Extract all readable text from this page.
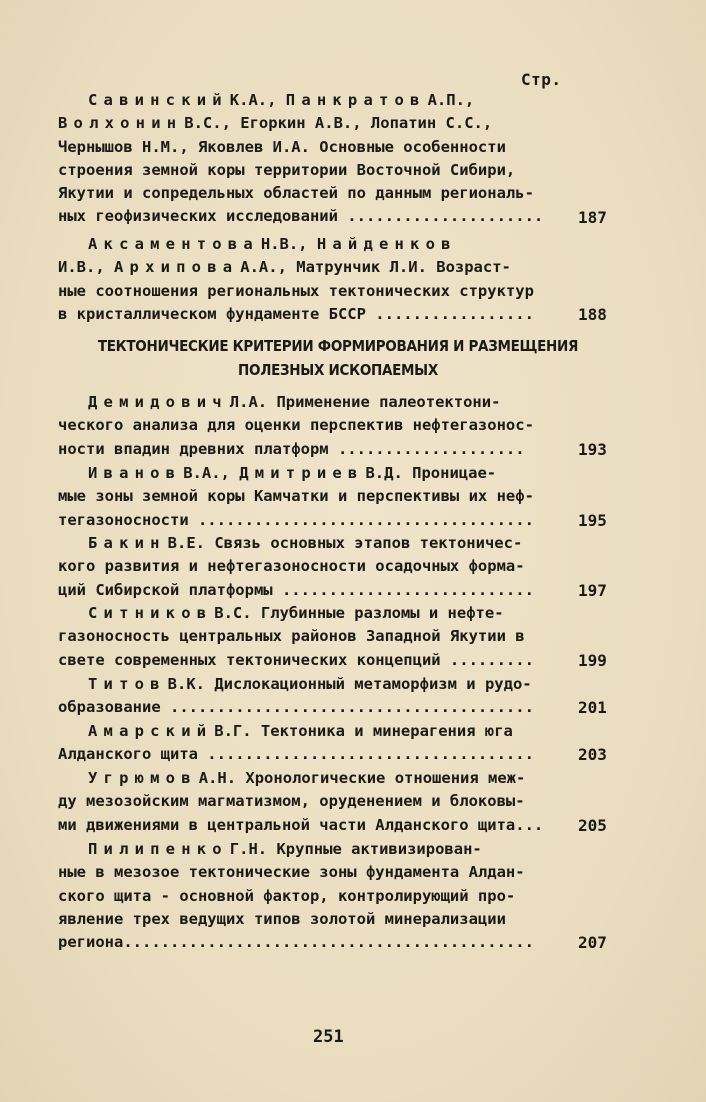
Стр.
Савинский К.А., Панкратов А.П.,
Волхонин В.С., Егоркин А.В., Лопатин С.С.,
Чернышов Н.М., Яковлев И.А. Основные особенности
строения земной коры территории Восточной Сибири,
Якутии и сопредельных областей по данным региональ-
ных геофизических исследований .....................
Аксаментова Н.В., Найденков
И.В., Архипова А.А., Матрунчик Л.И. Возраст-
ные соотношения региональных тектонических структур
в кристаллическом фундаменте БССР .................
ТЕКТОНИЧЕСКИЕ КРИТЕРИИ ФОРМИРОВАНИЯ И РАЗМЕЩЕНИЯ
ПОЛЕЗНЫХ ИСКОПАЕМЫХ
Демидович Л.А. Применение палеотектони-
ческого анализа для оценки перспектив нефтегазонос-
ности впадин древних платформ ....................
Иванов В.А., Дмитриев В.Д. Проницае-
мые зоны земной коры Камчатки и перспективы их неф-
тегазоносности ....................................
Бакин В.Е. Связь основных этапов тектоничес-
кого развития и нефтегазоносности осадочных форма-
ций Сибирской платформы ...........................
Ситников В.С. Глубинные разломы и нефте-
газоносность центральных районов Западной Якутии в
свете современных тектонических концепций .........
Титов В.К. Дислокационный метаморфизм и рудо-
образование .......................................
Амарский В.Г. Тектоника и минерагения юга
Алданского щита ...................................
Угрюмов А.Н. Хронологические отношения меж-
ду мезозойским магматизмом, оруденением и блоковы-
ми движениями в центральной части Алданского щита...
Пилипенко Г.Н. Крупные активизирован-
ные в мезозое тектонические зоны фундамента Алдан-
ского щита - основной фактор, контролирующий про-
явление трех ведущих типов золотой минерализации
региона............................................
251
187
188
193
195
197
199
201
203
205
207
